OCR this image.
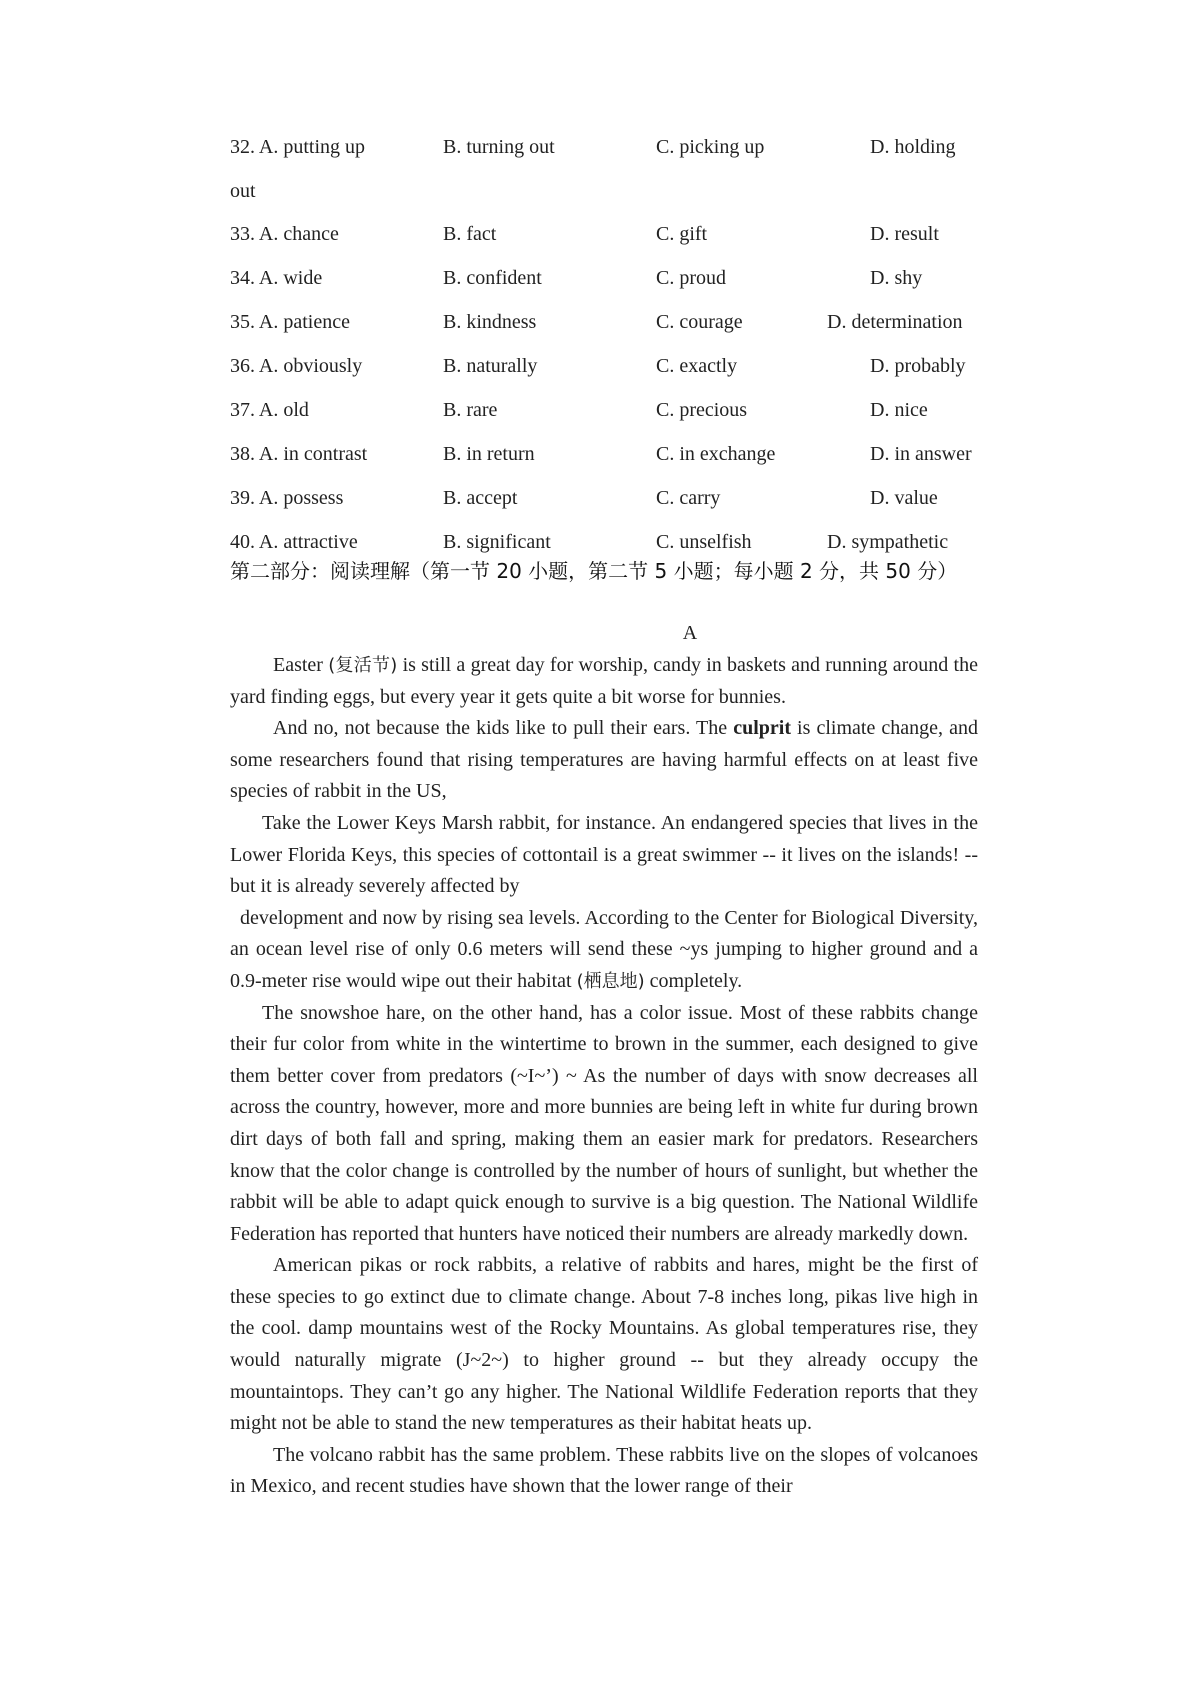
32. A. putting up	B. turning out	C. picking up	D. holding
out
33. A. chance	B. fact	C. gift	D. result
34. A. wide	B. confident	C. proud	D. shy
35. A. patience	B. kindness	C. courage	D. determination
36. A. obviously	B. naturally	C. exactly	D. probably
37. A. old	B. rare	C. precious	D. nice
38. A. in contrast	B. in return	C. in exchange	D. in answer
39. A. possess	B. accept	C. carry	D. value
40. A. attractive	B. significant	C. unselfish	D. sympathetic
第二部分：阅读理解（第一节 20 小题，第二节 5 小题；每小题 2 分，共 50 分）
A

Easter (复活节) is still a great day for worship, candy in baskets and running around the yard finding eggs, but every year it gets quite a bit worse for bunnies.

And no, not because the kids like to pull their ears. The culprit is climate change, and some researchers found that rising temperatures are having harmful effects on at least five species of rabbit in the US,

Take the Lower Keys Marsh rabbit, for instance. An endangered species that lives in the Lower Florida Keys, this species of cottontail is a great swimmer -- it lives on the islands! -- but it is already severely affected by

development and now by rising sea levels. According to the Center for Biological Diversity, an ocean level rise of only 0.6 meters will send these ~ys jumping to higher ground and a 0.9-meter rise would wipe out their habitat (栖息地) completely.

The snowshoe hare, on the other hand, has a color issue. Most of these rabbits change their fur color from white in the wintertime to brown in the summer, each designed to give them better cover from predators (~I~’) ~ As the number of days with snow decreases all across the country, however, more and more bunnies are being left in white fur during brown dirt days of both fall and spring, making them an easier mark for predators. Researchers know that the color change is controlled by the number of hours of sunlight, but whether the rabbit will be able to adapt quick enough to survive is a big question. The National Wildlife Federation has reported that hunters have noticed their numbers are already markedly down.

American pikas or rock rabbits, a relative of rabbits and hares, might be the first of these species to go extinct due to climate change. About 7-8 inches long, pikas live high in the cool. damp mountains west of the Rocky Mountains. As global temperatures rise, they would naturally migrate (J~2~) to higher ground -- but they already occupy the mountaintops. They can’t go any higher. The National Wildlife Federation reports that they might not be able to stand the new temperatures as their habitat heats up.

The volcano rabbit has the same problem. These rabbits live on the slopes of volcanoes in Mexico, and recent studies have shown that the lower range of their
